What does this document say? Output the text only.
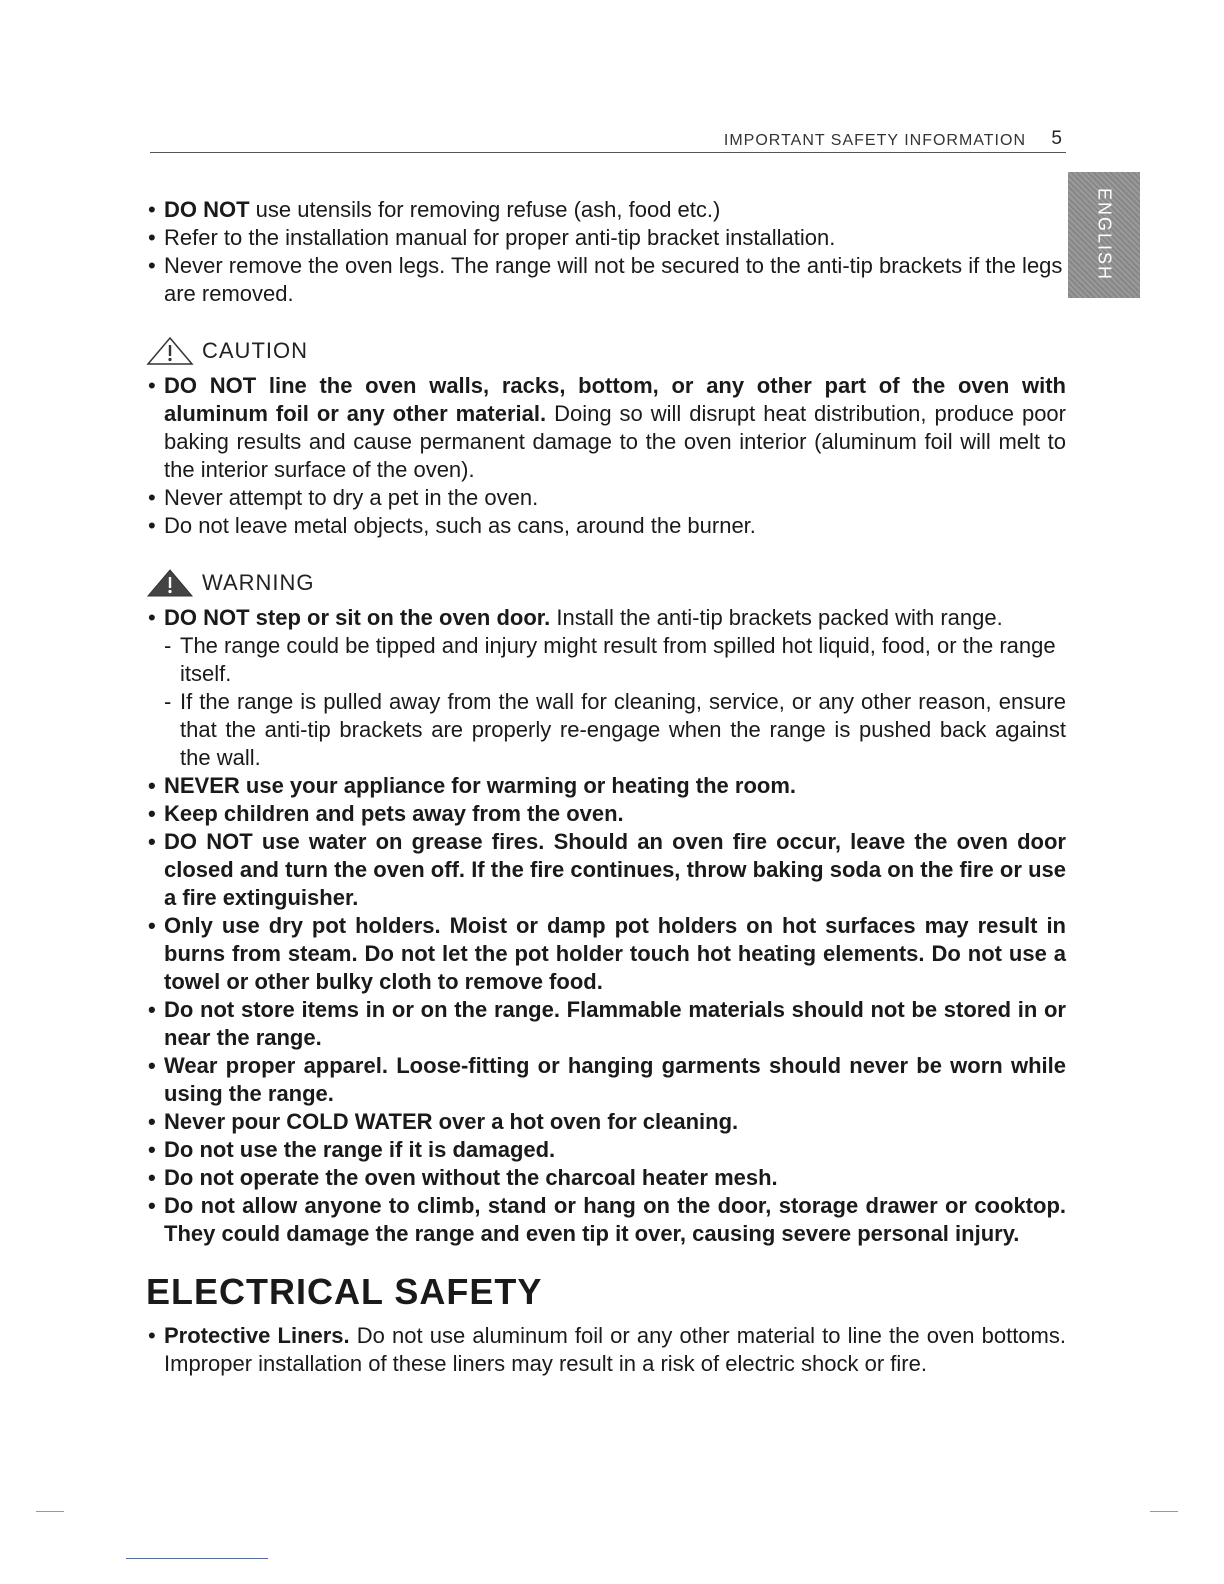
IMPORTANT SAFETY INFORMATION 5
ENGLISH
• DO NOT use utensils for removing refuse (ash, food etc.)
• Refer to the installation manual for proper anti-tip bracket installation.
• Never remove the oven legs. The range will not be secured to the anti-tip brackets if the legs are removed.
CAUTION
• DO NOT line the oven walls, racks, bottom, or any other part of the oven with aluminum foil or any other material. Doing so will disrupt heat distribution, produce poor baking results and cause permanent damage to the oven interior (aluminum foil will melt to the interior surface of the oven).
• Never attempt to dry a pet in the oven.
• Do not leave metal objects, such as cans, around the burner.
WARNING
• DO NOT step or sit on the oven door. Install the anti-tip brackets packed with range.
- The range could be tipped and injury might result from spilled hot liquid, food, or the range itself.
- If the range is pulled away from the wall for cleaning, service, or any other reason, ensure that the anti-tip brackets are properly re-engage when the range is pushed back against the wall.
• NEVER use your appliance for warming or heating the room.
• Keep children and pets away from the oven.
• DO NOT use water on grease fires. Should an oven fire occur, leave the oven door closed and turn the oven off. If the fire continues, throw baking soda on the fire or use a fire extinguisher.
• Only use dry pot holders. Moist or damp pot holders on hot surfaces may result in burns from steam. Do not let the pot holder touch hot heating elements. Do not use a towel or other bulky cloth to remove food.
• Do not store items in or on the range. Flammable materials should not be stored in or near the range.
• Wear proper apparel. Loose-fitting or hanging garments should never be worn while using the range.
• Never pour COLD WATER over a hot oven for cleaning.
• Do not use the range if it is damaged.
• Do not operate the oven without the charcoal heater mesh.
• Do not allow anyone to climb, stand or hang on the door, storage drawer or cooktop. They could damage the range and even tip it over, causing severe personal injury.
ELECTRICAL SAFETY
• Protective Liners. Do not use aluminum foil or any other material to line the oven bottoms. Improper installation of these liners may result in a risk of electric shock or fire.
